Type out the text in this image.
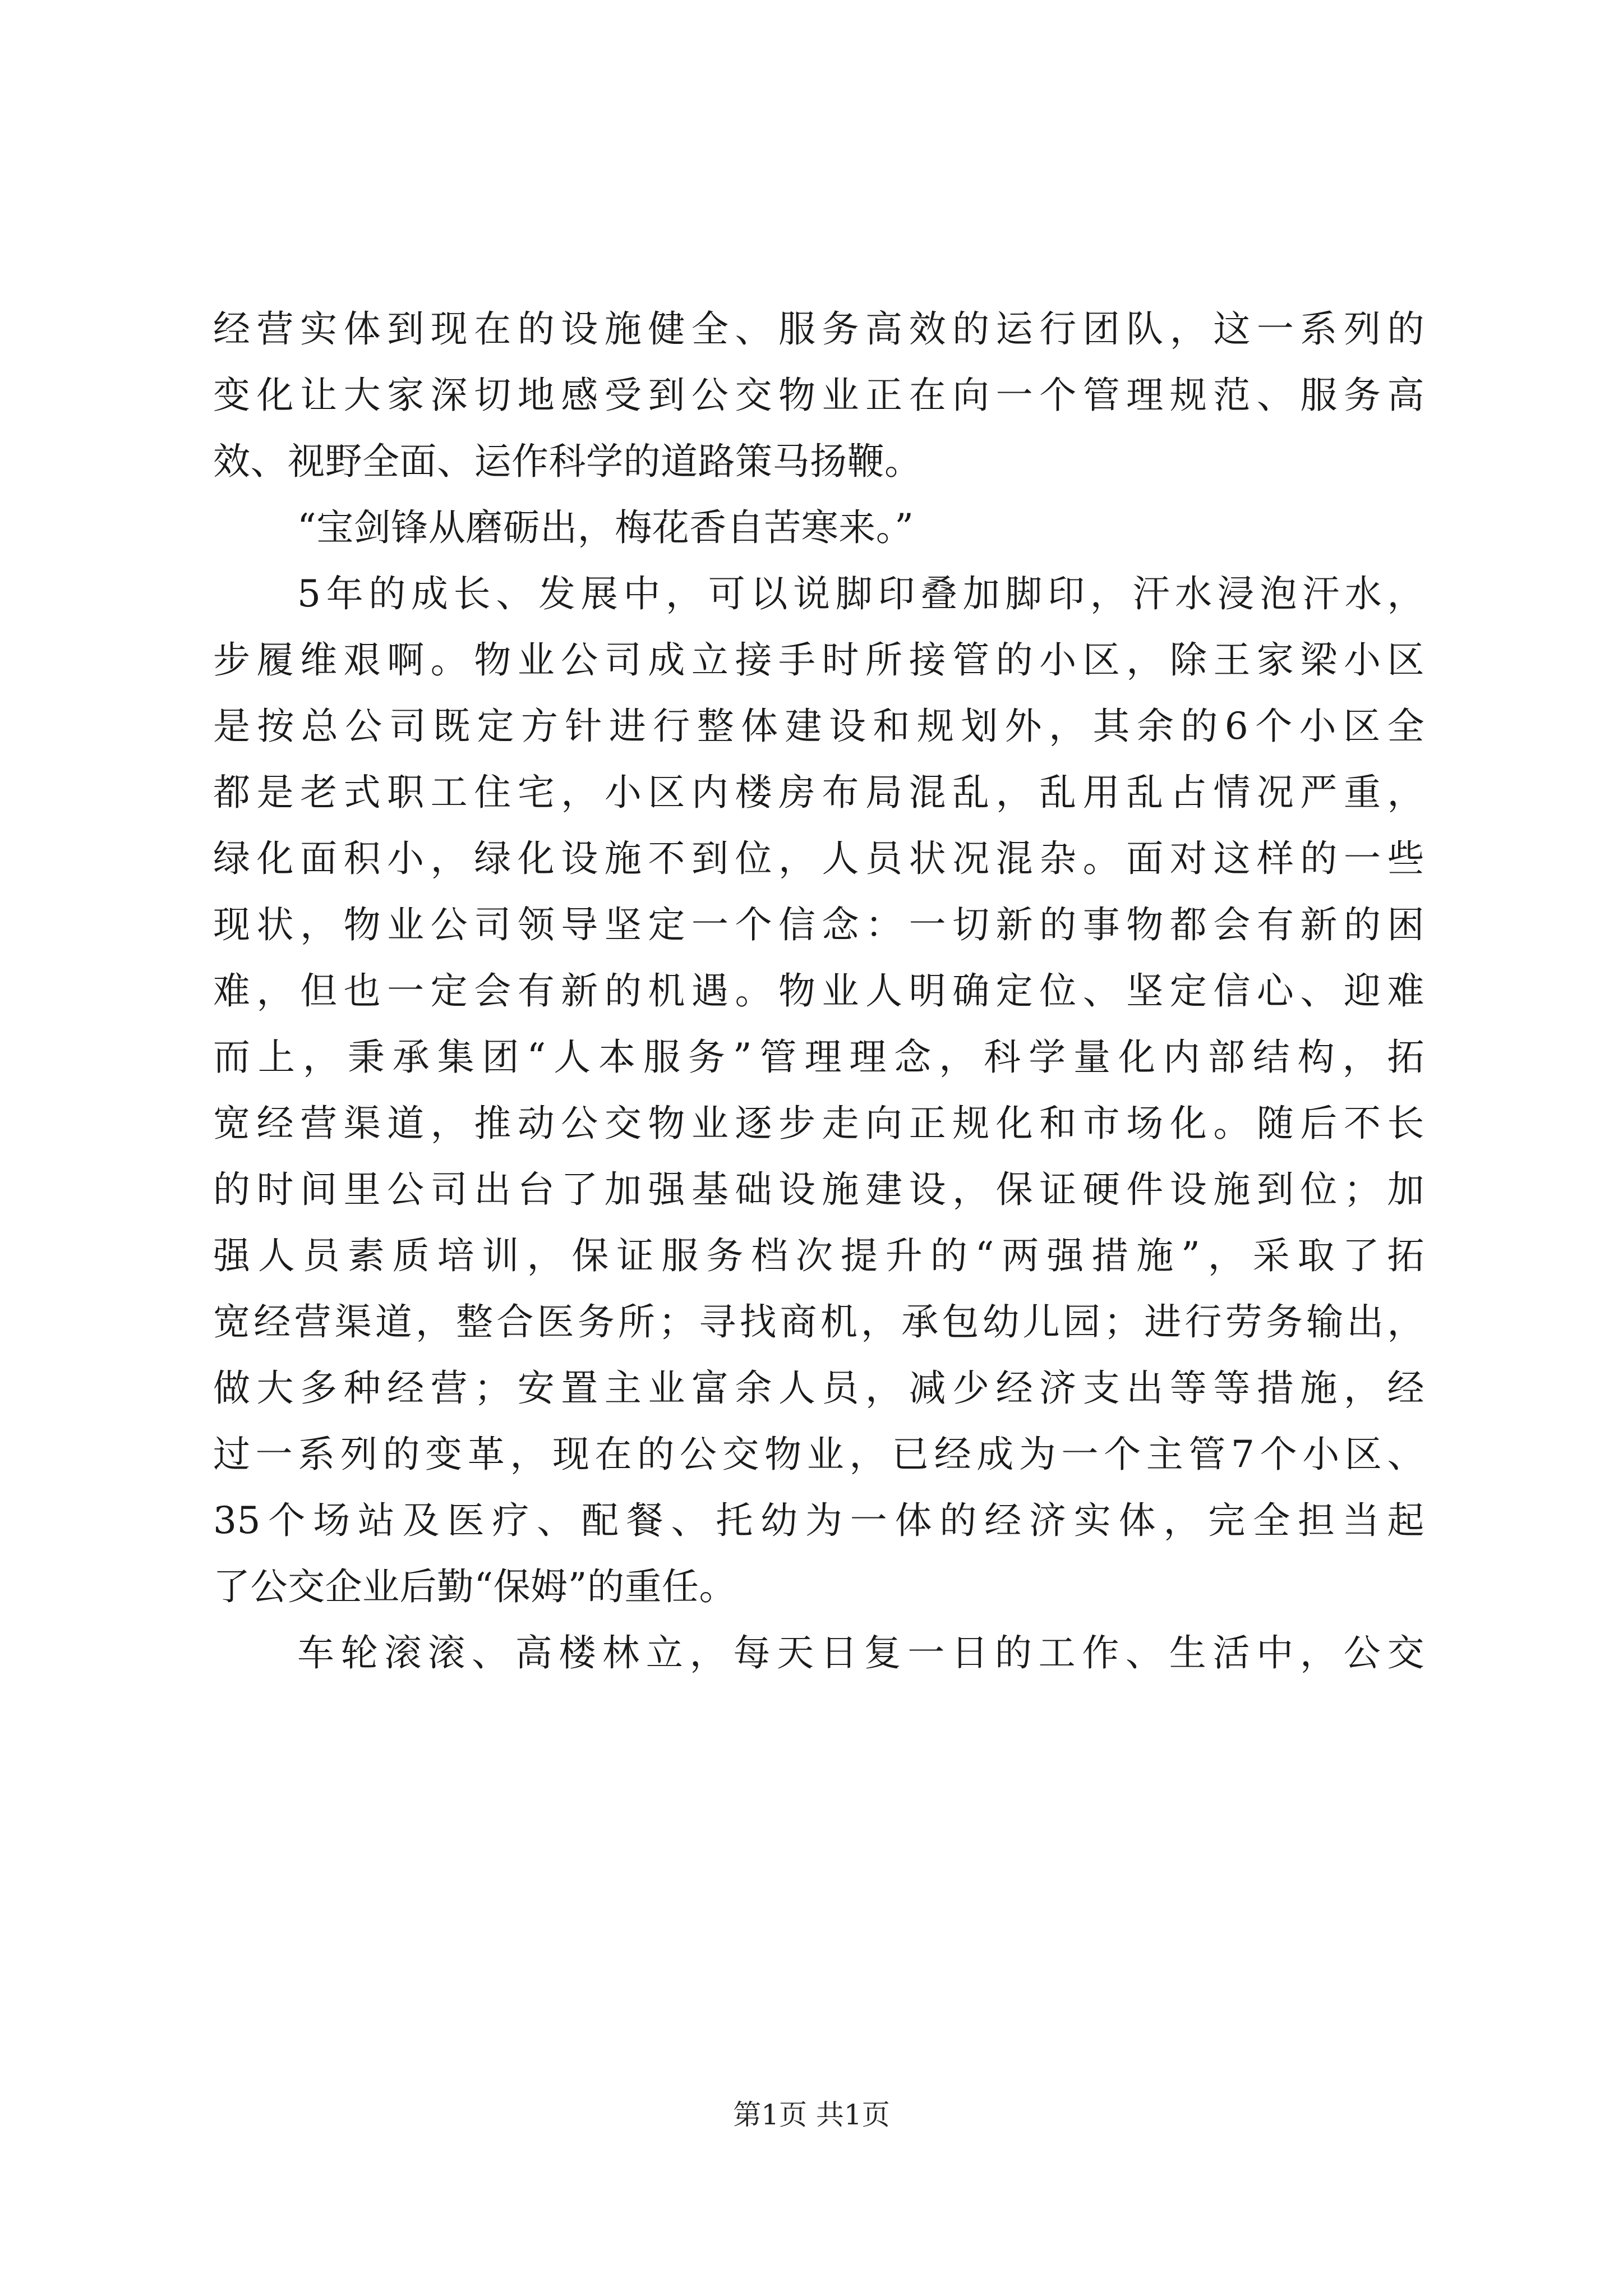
经营实体到现在的设施健全、服务高效的运行团队，这一系列的
变化让大家深切地感受到公交物业正在向一个管理规范、服务高
效、视野全面、运作科学的道路策马扬鞭。
“宝剑锋从磨砺出，梅花香自苦寒来。”
5年的成长、发展中，可以说脚印叠加脚印，汗水浸泡汗水，
步履维艰啊。物业公司成立接手时所接管的小区，除王家梁小区
是按总公司既定方针进行整体建设和规划外，其余的6个小区全
都是老式职工住宅，小区内楼房布局混乱，乱用乱占情况严重，
绿化面积小，绿化设施不到位，人员状况混杂。面对这样的一些
现状，物业公司领导坚定一个信念：一切新的事物都会有新的困
难，但也一定会有新的机遇。物业人明确定位、坚定信心、迎难
而上，秉承集团“人本服务”管理理念，科学量化内部结构，拓
宽经营渠道，推动公交物业逐步走向正规化和市场化。随后不长
的时间里公司出台了加强基础设施建设，保证硬件设施到位；加
强人员素质培训，保证服务档次提升的“两强措施”，采取了拓
宽经营渠道，整合医务所；寻找商机，承包幼儿园；进行劳务输出，
做大多种经营；安置主业富余人员，减少经济支出等等措施，经
过一系列的变革，现在的公交物业，已经成为一个主管7个小区、
35个场站及医疗、配餐、托幼为一体的经济实体，完全担当起
了公交企业后勤“保姆”的重任。
车轮滚滚、高楼林立，每天日复一日的工作、生活中，公交
第1页 共1页
